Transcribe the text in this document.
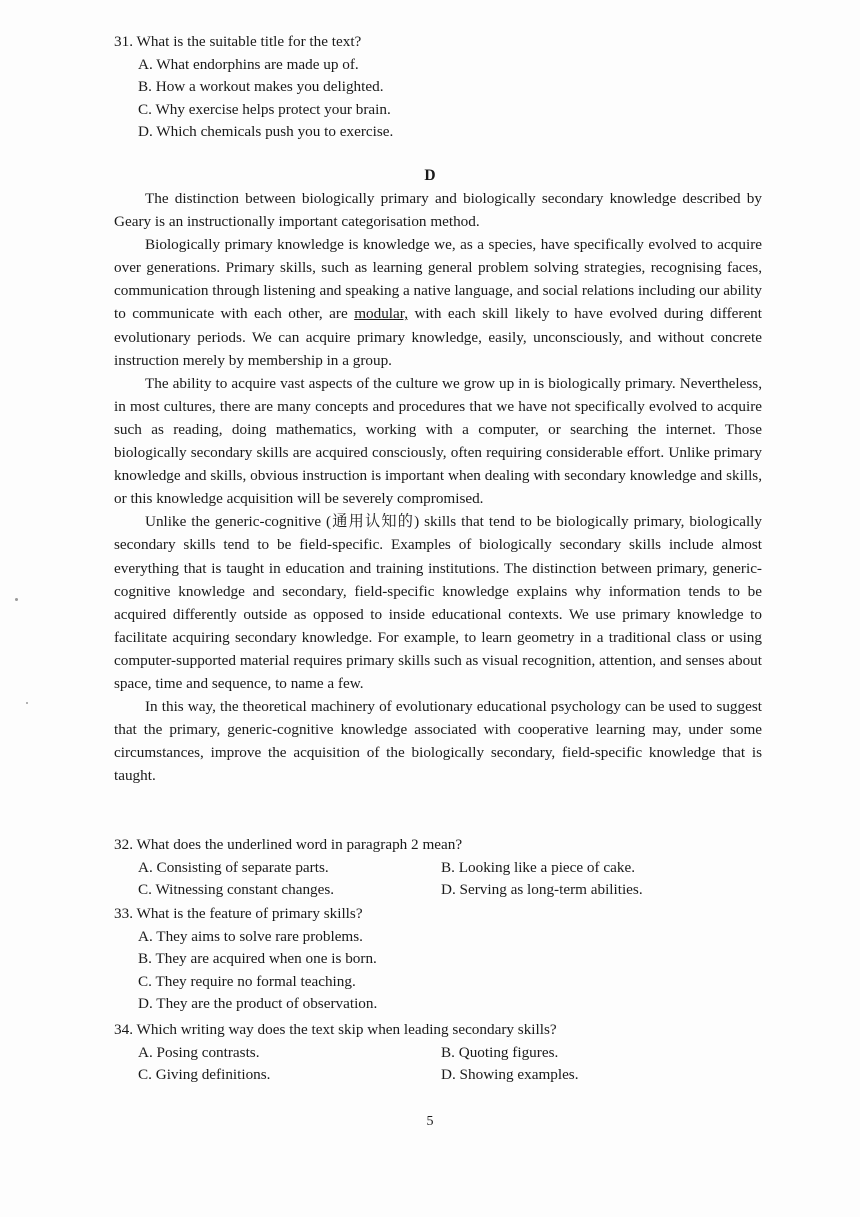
31. What is the suitable title for the text?
A. What endorphins are made up of.
B. How a workout makes you delighted.
C. Why exercise helps protect your brain.
D. Which chemicals push you to exercise.
D

The distinction between biologically primary and biologically secondary knowledge described by Geary is an instructionally important categorisation method.

Biologically primary knowledge is knowledge we, as a species, have specifically evolved to acquire over generations. Primary skills, such as learning general problem solving strategies, recognising faces, communication through listening and speaking a native language, and social relations including our ability to communicate with each other, are modular, with each skill likely to have evolved during different evolutionary periods. We can acquire primary knowledge, easily, unconsciously, and without concrete instruction merely by membership in a group.

The ability to acquire vast aspects of the culture we grow up in is biologically primary. Nevertheless, in most cultures, there are many concepts and procedures that we have not specifically evolved to acquire such as reading, doing mathematics, working with a computer, or searching the internet. Those biologically secondary skills are acquired consciously, often requiring considerable effort. Unlike primary knowledge and skills, obvious instruction is important when dealing with secondary knowledge and skills, or this knowledge acquisition will be severely compromised.

Unlike the generic-cognitive (通用认知的) skills that tend to be biologically primary, biologically secondary skills tend to be field-specific. Examples of biologically secondary skills include almost everything that is taught in education and training institutions. The distinction between primary, generic-cognitive knowledge and secondary, field-specific knowledge explains why information tends to be acquired differently outside as opposed to inside educational contexts. We use primary knowledge to facilitate acquiring secondary knowledge. For example, to learn geometry in a traditional class or using computer-supported material requires primary skills such as visual recognition, attention, and senses about space, time and sequence, to name a few.

In this way, the theoretical machinery of evolutionary educational psychology can be used to suggest that the primary, generic-cognitive knowledge associated with cooperative learning may, under some circumstances, improve the acquisition of the biologically secondary, field-specific knowledge that is taught.

32. What does the underlined word in paragraph 2 mean?
A. Consisting of separate parts.	B. Looking like a piece of cake.
C. Witnessing constant changes.	D. Serving as long-term abilities.
33. What is the feature of primary skills?
A. They aims to solve rare problems.
B. They are acquired when one is born.
C. They require no formal teaching.
D. They are the product of observation.
34. Which writing way does the text skip when leading secondary skills?
A. Posing contrasts.	B. Quoting figures.
C. Giving definitions.	D. Showing examples.
5
